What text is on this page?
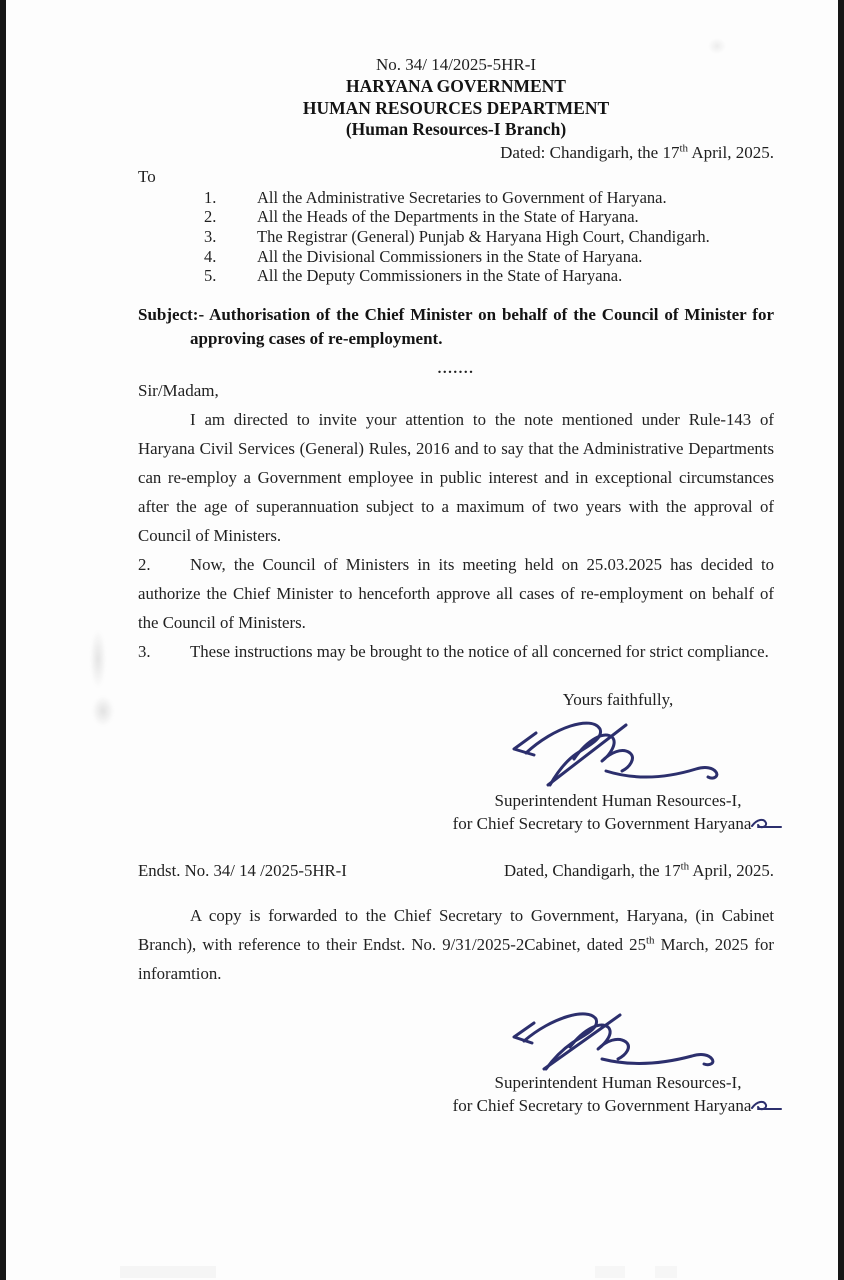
No. 34/ 14/2025-5HR-I
HARYANA GOVERNMENT
HUMAN RESOURCES DEPARTMENT
(Human Resources-I Branch)
Dated: Chandigarh, the 17th April, 2025.
To
1.	All the Administrative Secretaries to Government of Haryana.
2.	All the Heads of the Departments in the State of Haryana.
3.	The Registrar (General) Punjab & Haryana High Court, Chandigarh.
4.	All the Divisional Commissioners in the State of Haryana.
5.	All the Deputy Commissioners in the State of Haryana.
Subject:- Authorisation of the Chief Minister on behalf of the Council of Minister for approving cases of re-employment.
.......
Sir/Madam,

I am directed to invite your attention to the note mentioned under Rule-143 of Haryana Civil Services (General) Rules, 2016 and to say that the Administrative Departments can re-employ a Government employee in public interest and in exceptional circumstances after the age of superannuation subject to a maximum of two years with the approval of Council of Ministers.

2. Now, the Council of Ministers in its meeting held on 25.03.2025 has decided to authorize the Chief Minister to henceforth approve all cases of re-employment on behalf of the Council of Ministers.

3. These instructions may be brought to the notice of all concerned for strict compliance.

Yours faithfully,
Superintendent Human Resources-I,
for Chief Secretary to Government Haryana
Endst. No. 34/ 14 /2025-5HR-I	Dated, Chandigarh, the 17th April, 2025.

A copy is forwarded to the Chief Secretary to Government, Haryana, (in Cabinet Branch), with reference to their Endst. No. 9/31/2025-2Cabinet, dated 25th March, 2025 for inforamtion.

Superintendent Human Resources-I,
for Chief Secretary to Government Haryana
